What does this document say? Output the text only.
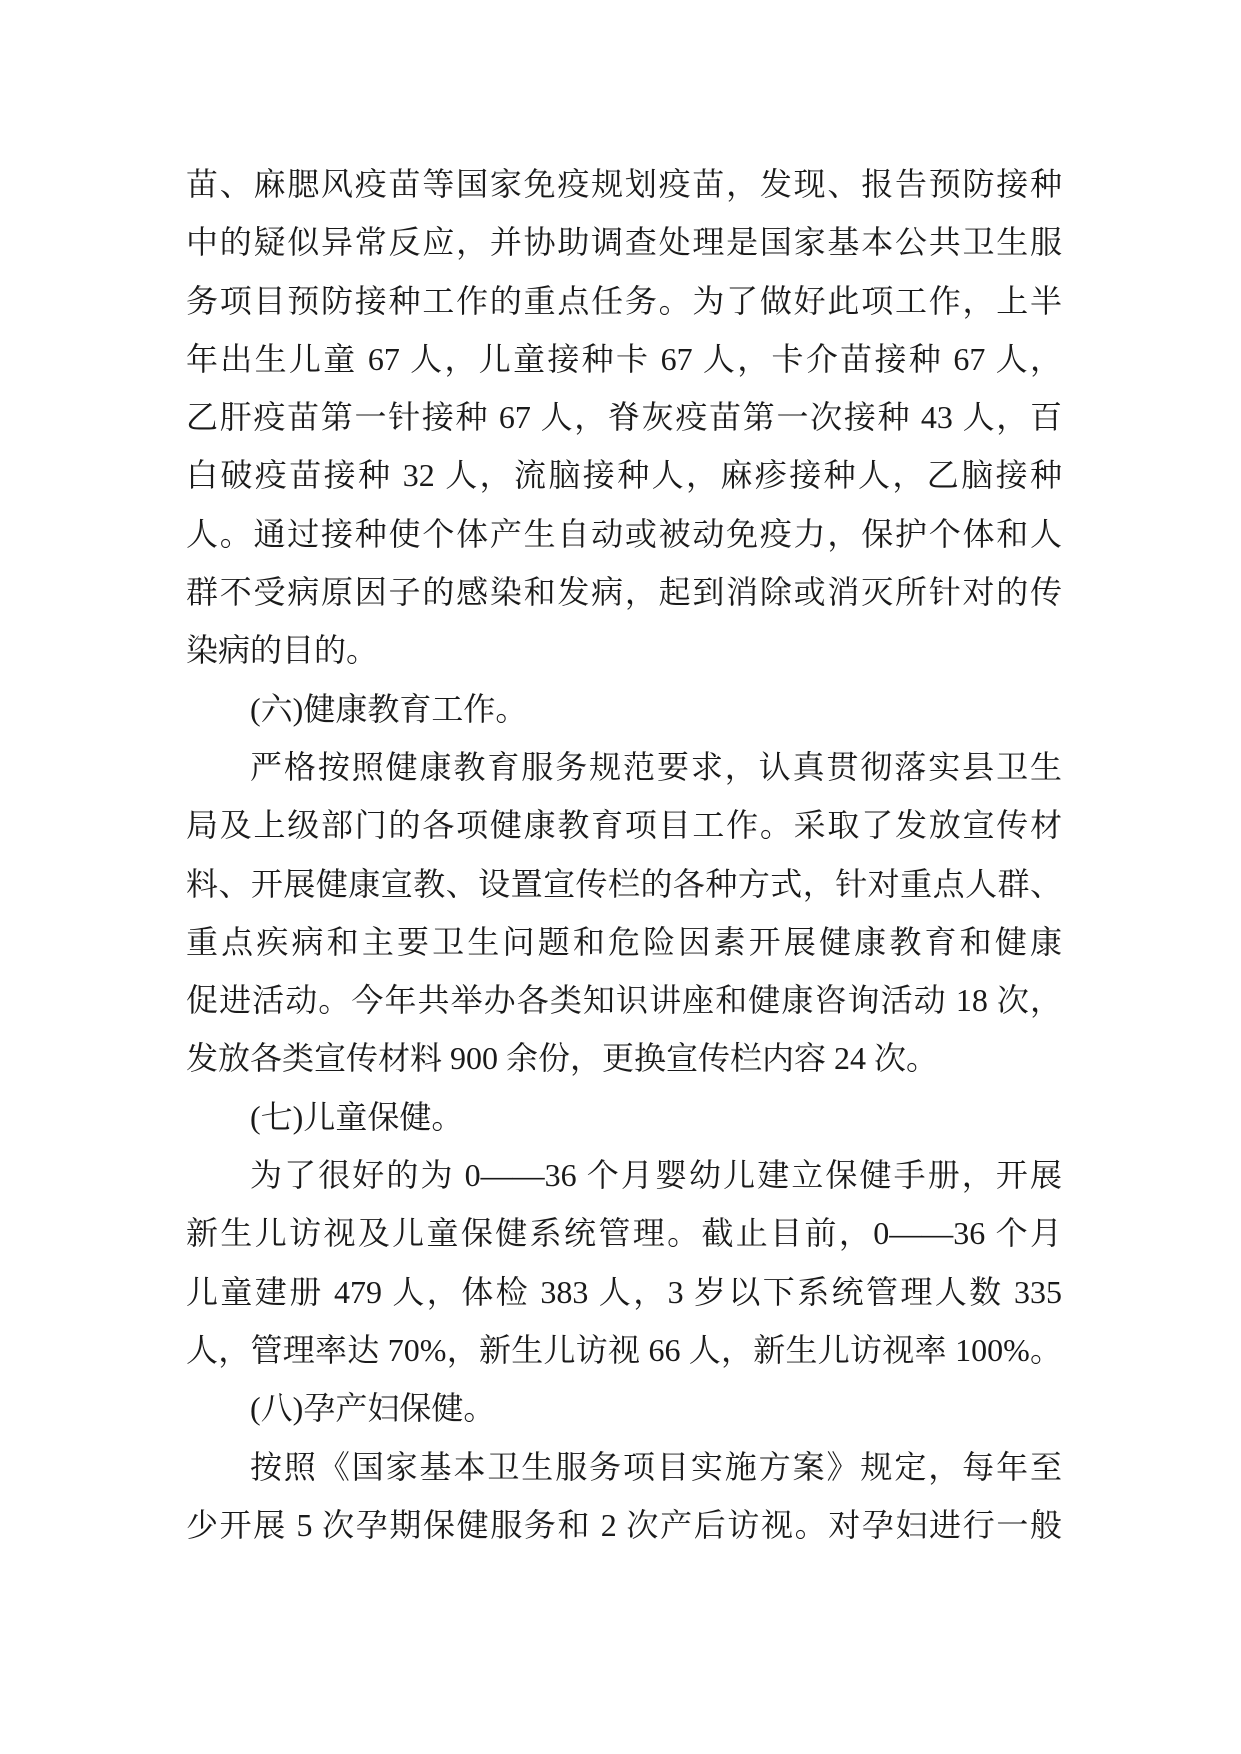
苗、麻腮风疫苗等国家免疫规划疫苗，发现、报告预防接种
中的疑似异常反应，并协助调查处理是国家基本公共卫生服
务项目预防接种工作的重点任务。为了做好此项工作，上半
年出生儿童 67 人，儿童接种卡 67 人，卡介苗接种 67 人，
乙肝疫苗第一针接种 67 人，脊灰疫苗第一次接种 43 人，百
白破疫苗接种 32 人，流脑接种人，麻疹接种人，乙脑接种
人。通过接种使个体产生自动或被动免疫力，保护个体和人
群不受病原因子的感染和发病，起到消除或消灭所针对的传
染病的目的。
(六)健康教育工作。
严格按照健康教育服务规范要求，认真贯彻落实县卫生
局及上级部门的各项健康教育项目工作。采取了发放宣传材
料、开展健康宣教、设置宣传栏的各种方式，针对重点人群、
重点疾病和主要卫生问题和危险因素开展健康教育和健康
促进活动。今年共举办各类知识讲座和健康咨询活动 18 次，
发放各类宣传材料 900 余份，更换宣传栏内容 24 次。
(七)儿童保健。
为了很好的为 0——36 个月婴幼儿建立保健手册，开展
新生儿访视及儿童保健系统管理。截止目前，0——36 个月
儿童建册 479 人，体检 383 人，3 岁以下系统管理人数 335
人，管理率达 70%，新生儿访视 66 人，新生儿访视率 100%。
(八)孕产妇保健。
按照《国家基本卫生服务项目实施方案》规定，每年至
少开展 5 次孕期保健服务和 2 次产后访视。对孕妇进行一般
